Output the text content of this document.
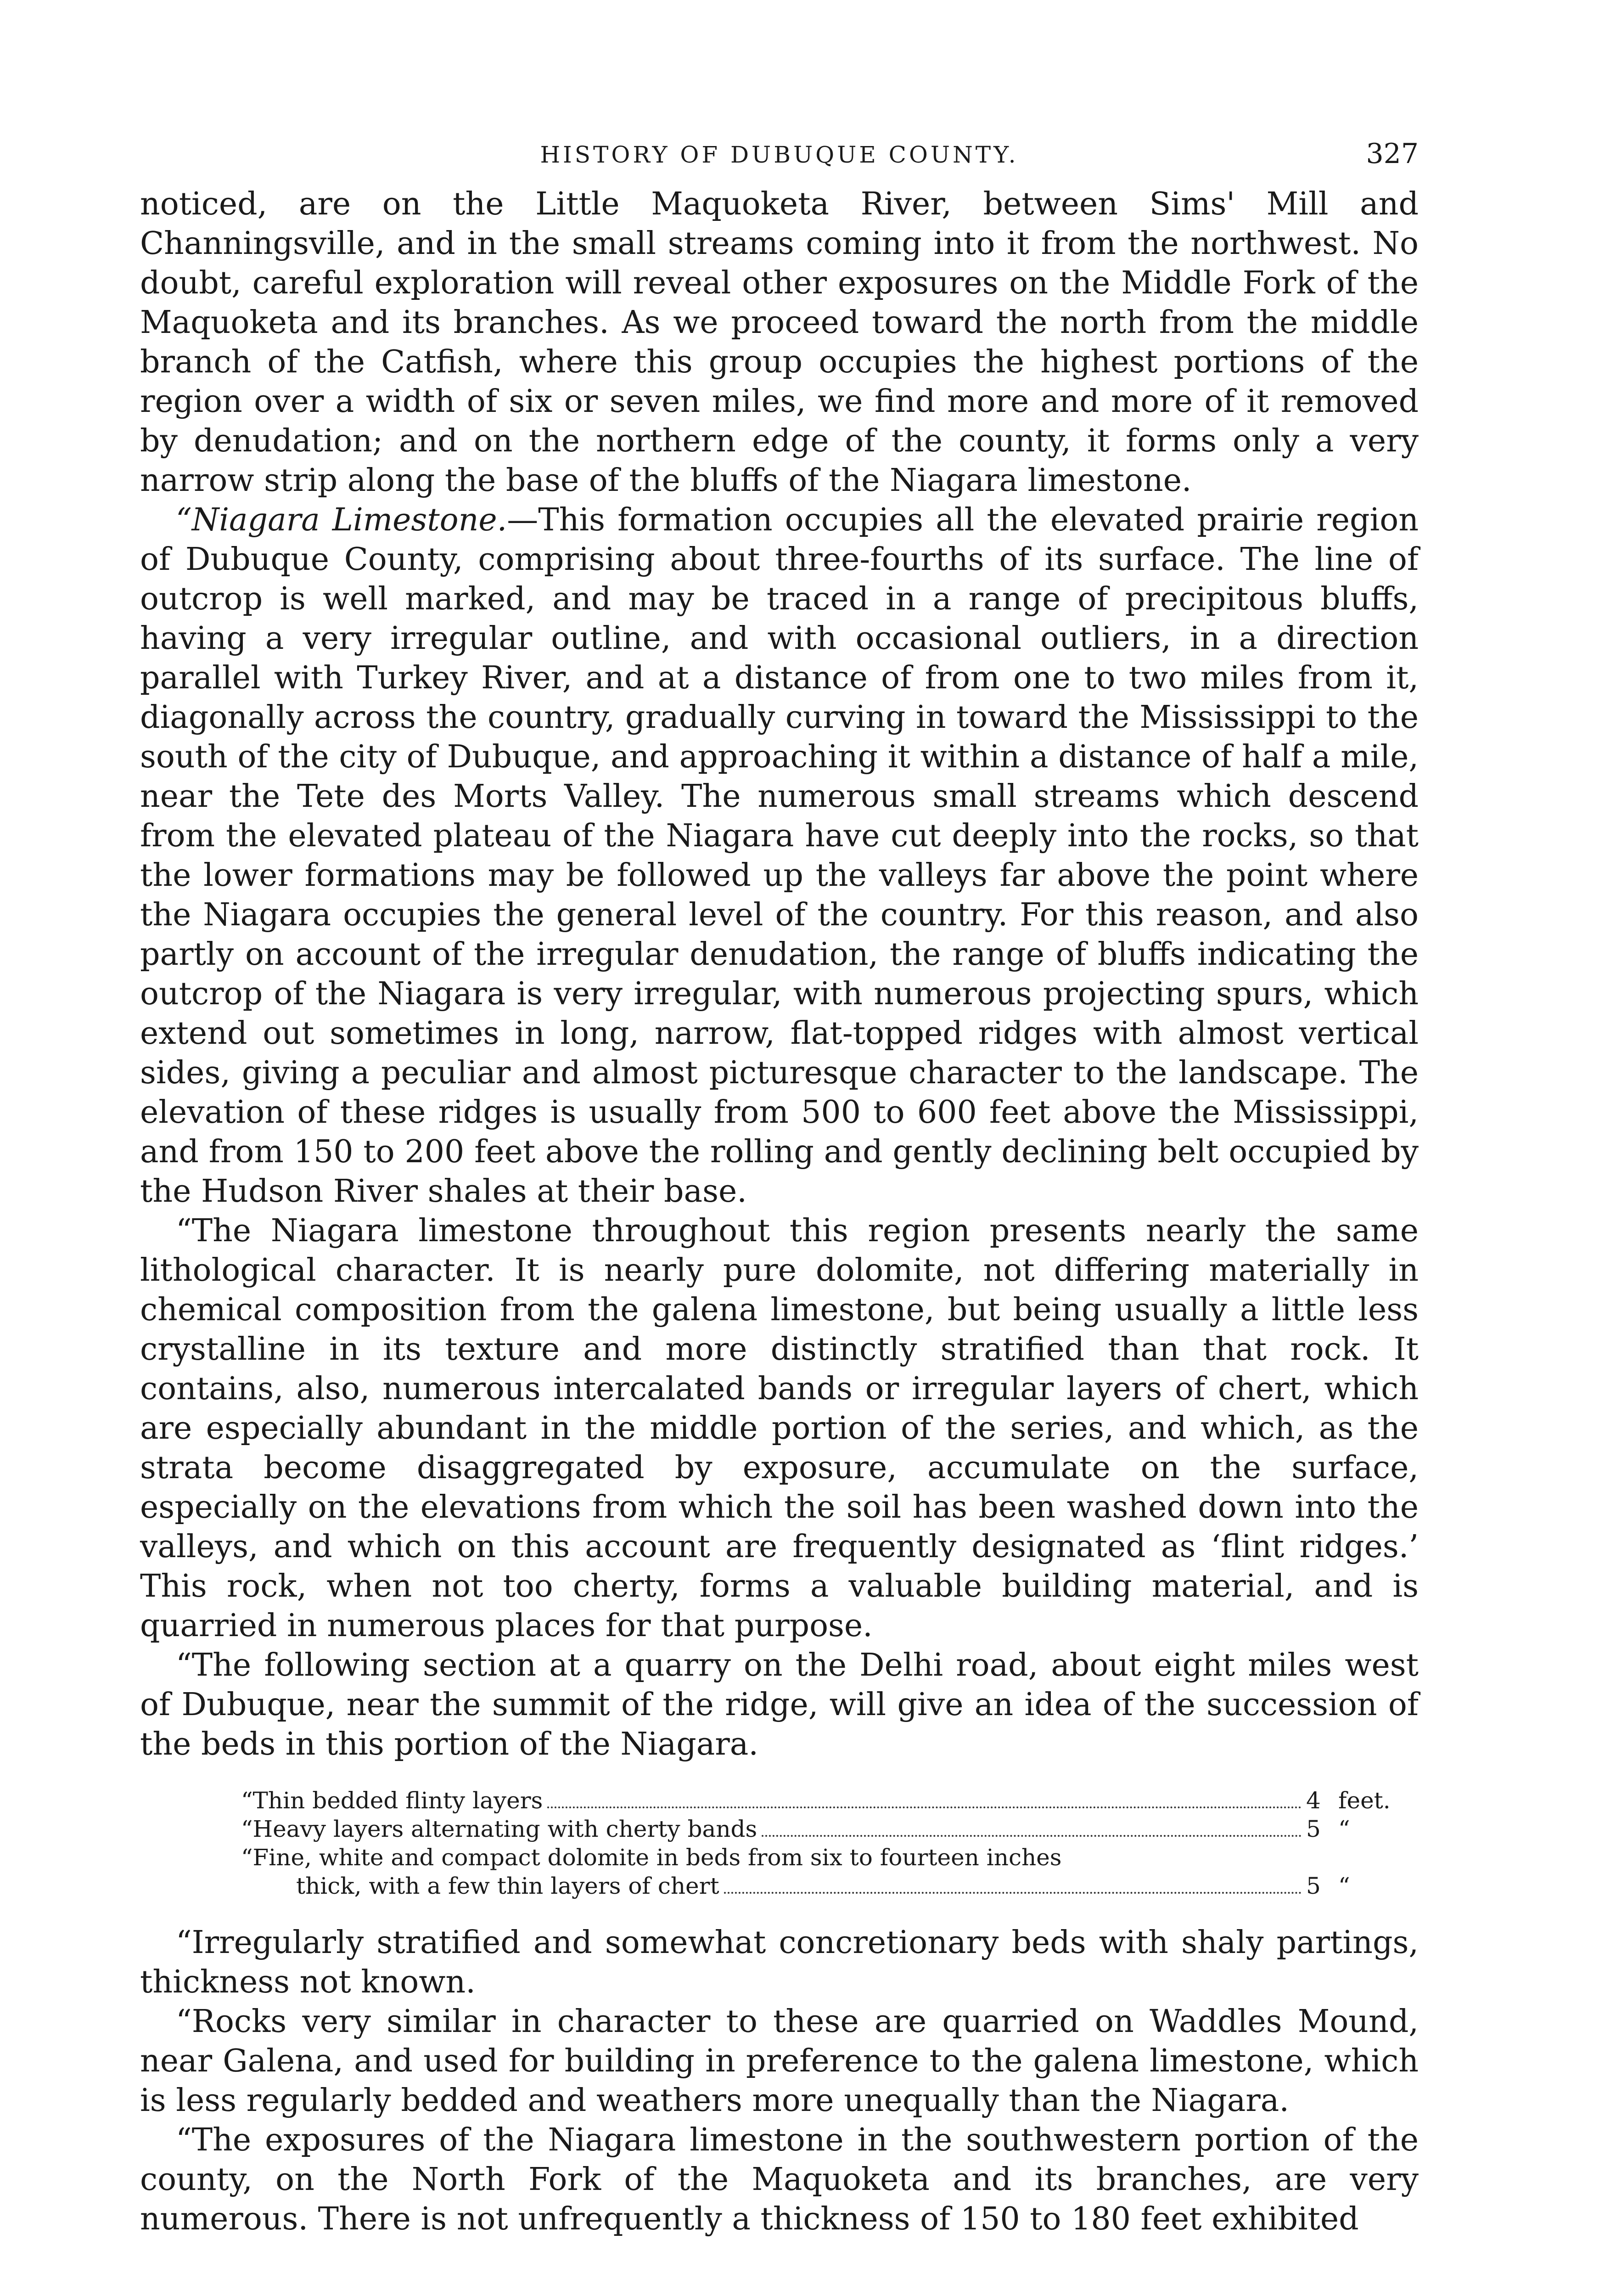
HISTORY OF DUBUQUE COUNTY.	327

noticed, are on the Little Maquoketa River, between Sims' Mill and Channingsville, and in the small streams coming into it from the northwest. No doubt, careful exploration will reveal other exposures on the Middle Fork of the Maquoketa and its branches. As we proceed toward the north from the middle branch of the Catfish, where this group occupies the highest portions of the region over a width of six or seven miles, we find more and more of it removed by denudation; and on the northern edge of the county, it forms only a very narrow strip along the base of the bluffs of the Niagara limestone.

“Niagara Limestone.—This formation occupies all the elevated prairie region of Dubuque County, comprising about three-fourths of its surface. The line of outcrop is well marked, and may be traced in a range of precipitous bluffs, having a very irregular outline, and with occasional outliers, in a direction parallel with Turkey River, and at a distance of from one to two miles from it, diagonally across the country, gradually curving in toward the Mississippi to the south of the city of Dubuque, and approaching it within a distance of half a mile, near the Tete des Morts Valley. The numerous small streams which descend from the elevated plateau of the Niagara have cut deeply into the rocks, so that the lower formations may be followed up the valleys far above the point where the Niagara occupies the general level of the country. For this reason, and also partly on account of the irregular denudation, the range of bluffs indicating the outcrop of the Niagara is very irregular, with numerous projecting spurs, which extend out sometimes in long, narrow, flat-topped ridges with almost vertical sides, giving a peculiar and almost picturesque character to the landscape. The elevation of these ridges is usually from 500 to 600 feet above the Mississippi, and from 150 to 200 feet above the rolling and gently declining belt occupied by the Hudson River shales at their base.

“The Niagara limestone throughout this region presents nearly the same lithological character. It is nearly pure dolomite, not differing materially in chemical composition from the galena limestone, but being usually a little less crystalline in its texture and more distinctly stratified than that rock. It contains, also, numerous intercalated bands or irregular layers of chert, which are especially abundant in the middle portion of the series, and which, as the strata become disaggregated by exposure, accumulate on the surface, especially on the elevations from which the soil has been washed down into the valleys, and which on this account are frequently designated as ‘flint ridges.’ This rock, when not too cherty, forms a valuable building material, and is quarried in numerous places for that purpose.

“The following section at a quarry on the Delhi road, about eight miles west of Dubuque, near the summit of the ridge, will give an idea of the succession of the beds in this portion of the Niagara.

“Thin bedded flinty layers	4 feet.
“Heavy layers alternating with cherty bands	5 “
“Fine, white and compact dolomite in beds from six to fourteen inches
thick, with a few thin layers of chert	5 “

“Irregularly stratified and somewhat concretionary beds with shaly partings, thickness not known.

“Rocks very similar in character to these are quarried on Waddles Mound, near Galena, and used for building in preference to the galena limestone, which is less regularly bedded and weathers more unequally than the Niagara.

“The exposures of the Niagara limestone in the southwestern portion of the county, on the North Fork of the Maquoketa and its branches, are very numerous. There is not unfrequently a thickness of 150 to 180 feet exhibited
